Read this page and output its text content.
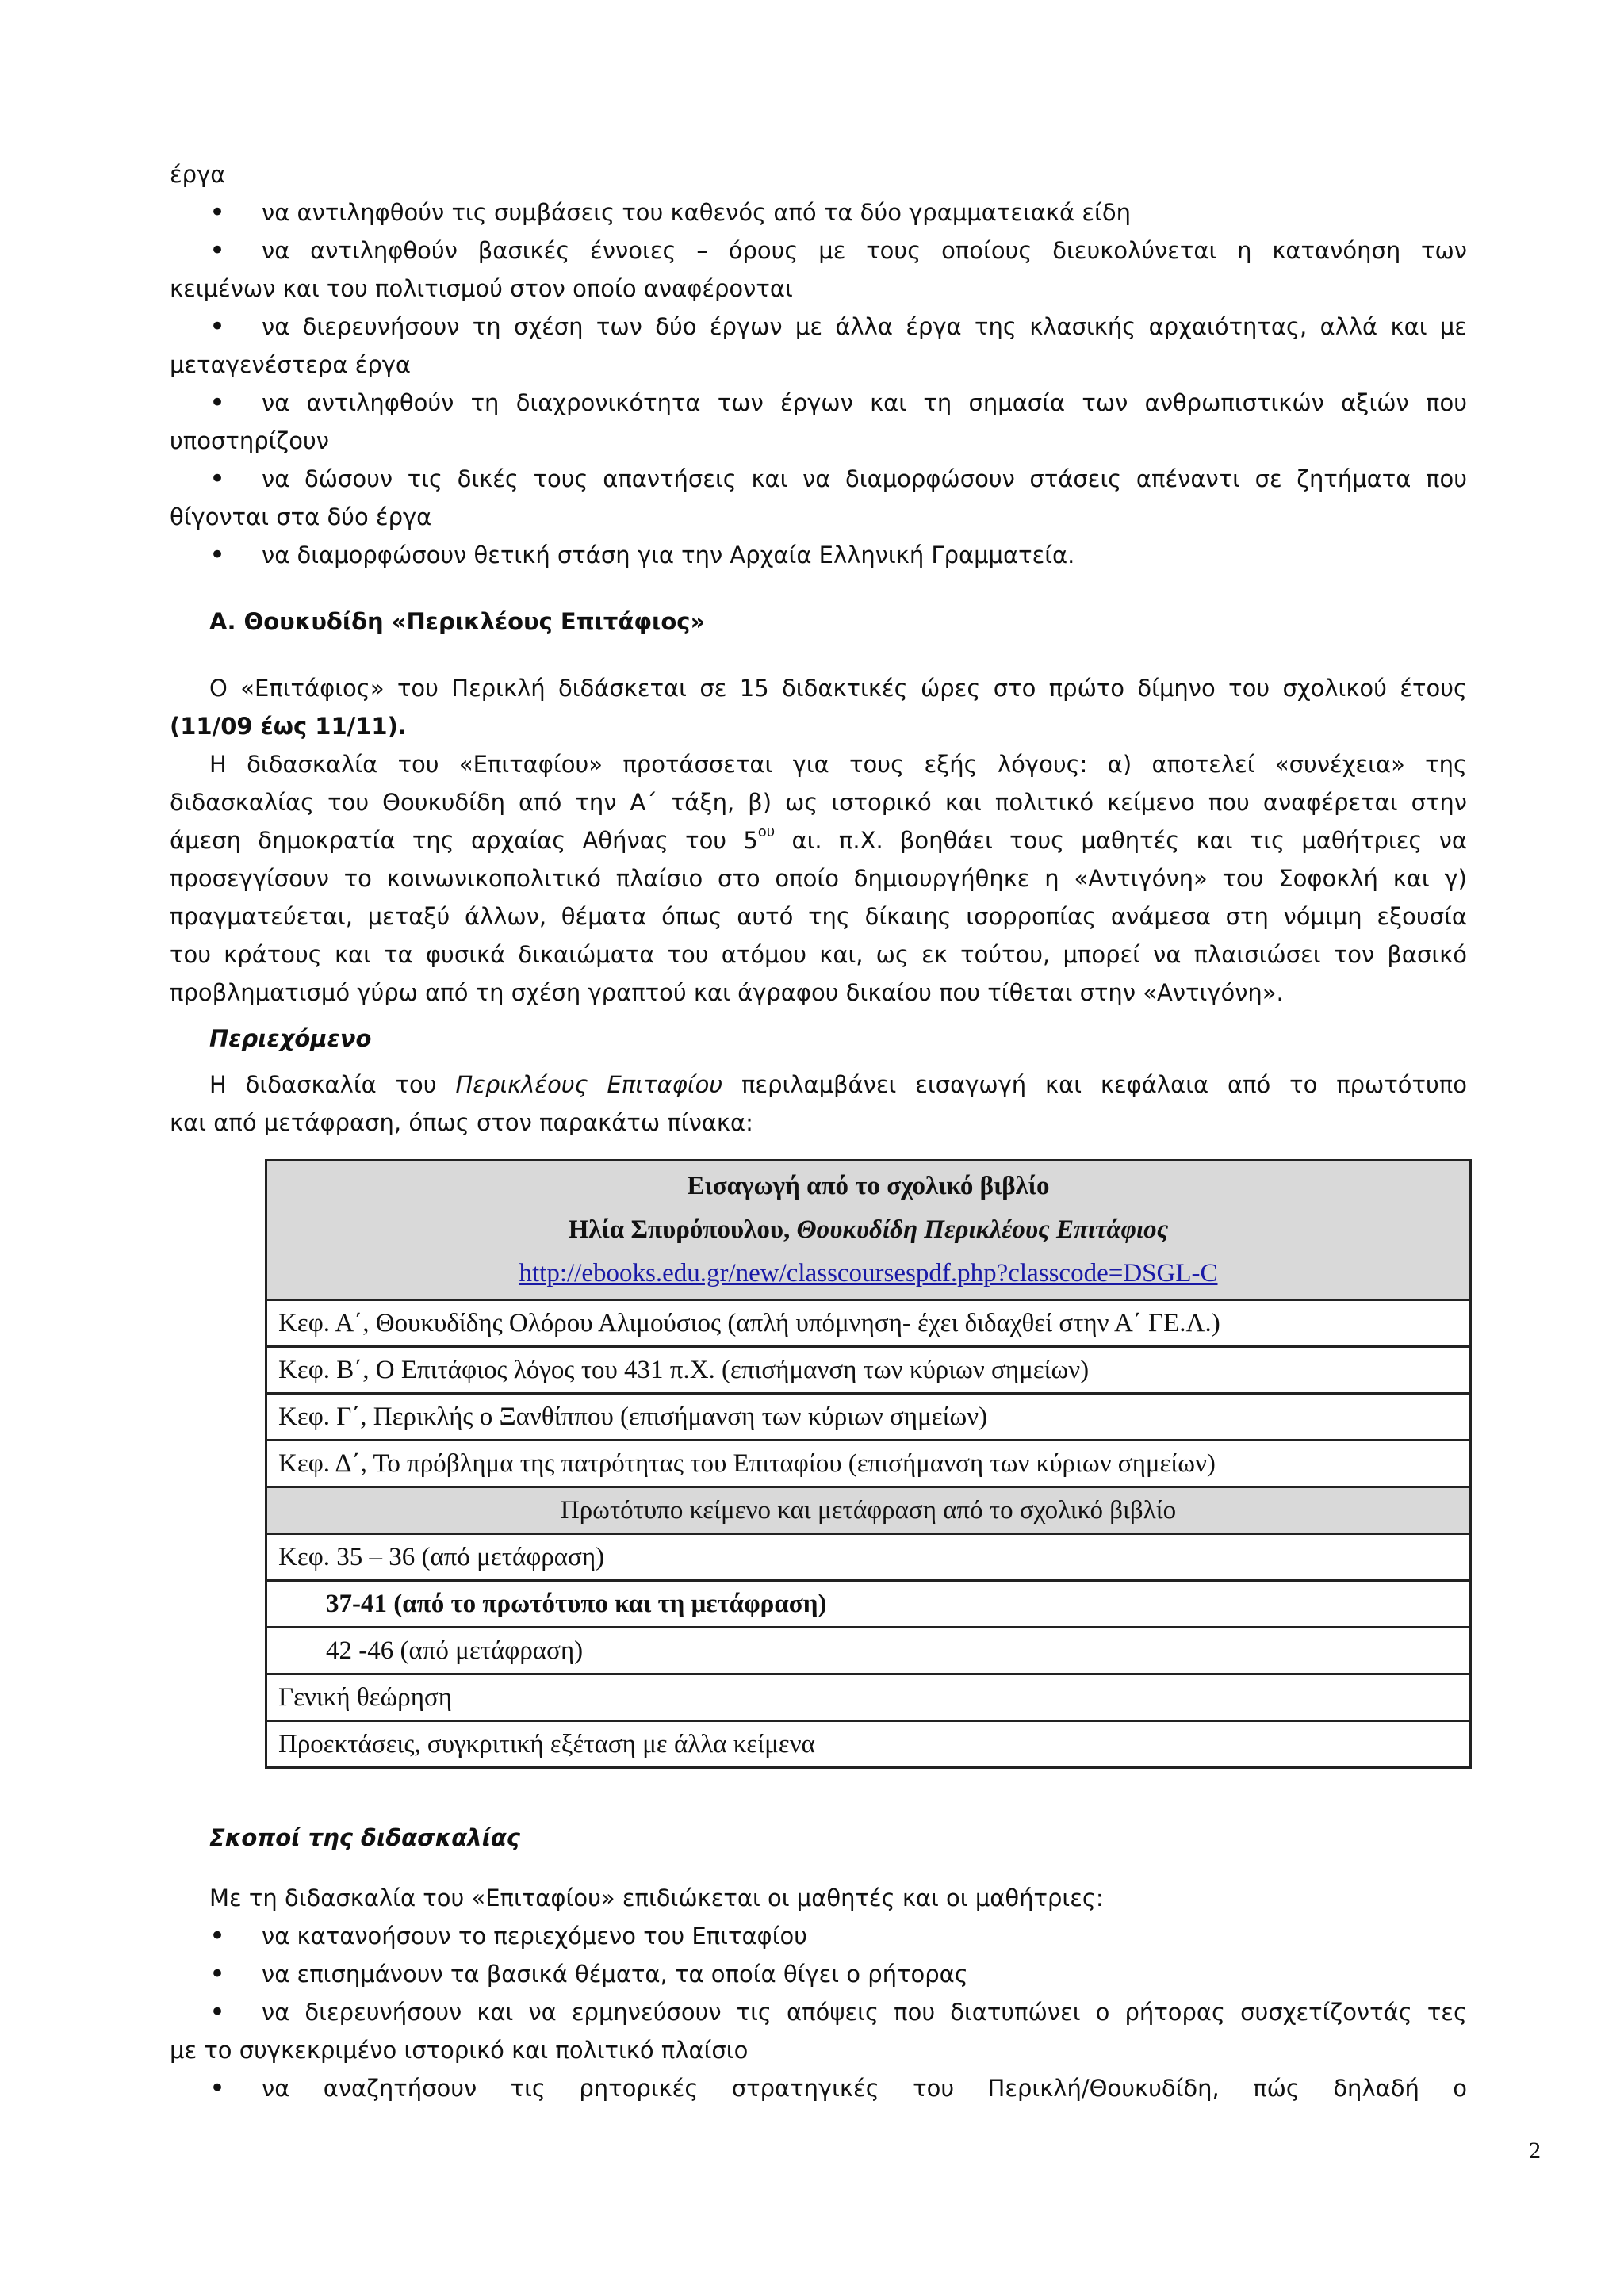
έργα

• να αντιληφθούν τις συμβάσεις του καθενός από τα δύο γραμματειακά είδη

• να αντιληφθούν βασικές έννοιες – όρους με τους οποίους διευκολύνεται η κατανόηση των

κειμένων και του πολιτισμού στον οποίο αναφέρονται

• να διερευνήσουν τη σχέση των δύο έργων με άλλα έργα της κλασικής αρχαιότητας, αλλά και με

μεταγενέστερα έργα

• να αντιληφθούν τη διαχρονικότητα των έργων και τη σημασία των ανθρωπιστικών αξιών που

υποστηρίζουν

• να δώσουν τις δικές τους απαντήσεις και να διαμορφώσουν στάσεις απέναντι σε ζητήματα που

θίγονται στα δύο έργα

• να διαμορφώσουν θετική στάση για την Αρχαία Ελληνική Γραμματεία.

Α. Θουκυδίδη «Περικλέους Επιτάφιος»

Ο «Επιτάφιος» του Περικλή διδάσκεται σε 15 διδακτικές ώρες στο πρώτο δίμηνο του σχολικού έτους

(11/09 έως 11/11).

Η διδασκαλία του «Επιταφίου» προτάσσεται για τους εξής λόγους: α) αποτελεί «συνέχεια» της

διδασκαλίας του Θουκυδίδη από την Α΄ τάξη, β) ως ιστορικό και πολιτικό κείμενο που αναφέρεται στην

άμεση δημοκρατία της αρχαίας Αθήνας του $5^{o\upsilon}$ αι. π.Χ. βοηθάει τους μαθητές και τις μαθήτριες να

προσεγγίσουν το κοινωνικοπολιτικό πλαίσιο στο οποίο δημιουργήθηκε η «Αντιγόνη» του Σοφοκλή και γ)

πραγματεύεται, μεταξύ άλλων, θέματα όπως αυτό της δίκαιης ισορροπίας ανάμεσα στη νόμιμη εξουσία

του κράτους και τα φυσικά δικαιώματα του ατόμου και, ως εκ τούτου, μπορεί να πλαισιώσει τον βασικό

προβληματισμό γύρω από τη σχέση γραπτού και άγραφου δικαίου που τίθεται στην «Αντιγόνη».

Περιεχόμενο

Η διδασκαλία του Περικλέους Επιταφίου περιλαμβάνει εισαγωγή και κεφάλαια από το πρωτότυπο

και από μετάφραση, όπως στον παρακάτω πίνακα:

Εισαγωγή από το σχολικό βιβλίο
Ηλία Σπυρόπουλου, Θουκυδίδη Περικλέους Επιτάφιος
http://ebooks.edu.gr/new/classcoursespdf.php?classcode=DSGL-C

Κεφ. Α΄, Θουκυδίδης Ολόρου Αλιμούσιος (απλή υπόμνηση- έχει διδαχθεί στην Α΄ ΓΕ.Λ.)
Κεφ. Β΄, Ο Επιτάφιος λόγος του 431 π.Χ. (επισήμανση των κύριων σημείων)
Κεφ. Γ΄, Περικλής ο Ξανθίππου (επισήμανση των κύριων σημείων)
Κεφ. Δ΄, Το πρόβλημα της πατρότητας του Επιταφίου (επισήμανση των κύριων σημείων)
Πρωτότυπο κείμενο και μετάφραση από το σχολικό βιβλίο
Κεφ. 35 – 36 (από μετάφραση)
37-41 (από το πρωτότυπο και τη μετάφραση)
42 -46 (από μετάφραση)
Γενική θεώρηση
Προεκτάσεις, συγκριτική εξέταση με άλλα κείμενα

Σκοποί της διδασκαλίας

Με τη διδασκαλία του «Επιταφίου» επιδιώκεται οι μαθητές και οι μαθήτριες:

• να κατανοήσουν το περιεχόμενο του Επιταφίου

• να επισημάνουν τα βασικά θέματα, τα οποία θίγει ο ρήτορας

• να διερευνήσουν και να ερμηνεύσουν τις απόψεις που διατυπώνει ο ρήτορας συσχετίζοντάς τες

με το συγκεκριμένο ιστορικό και πολιτικό πλαίσιο

• να αναζητήσουν τις ρητορικές στρατηγικές του Περικλή/Θουκυδίδη, πώς δηλαδή ο

2
